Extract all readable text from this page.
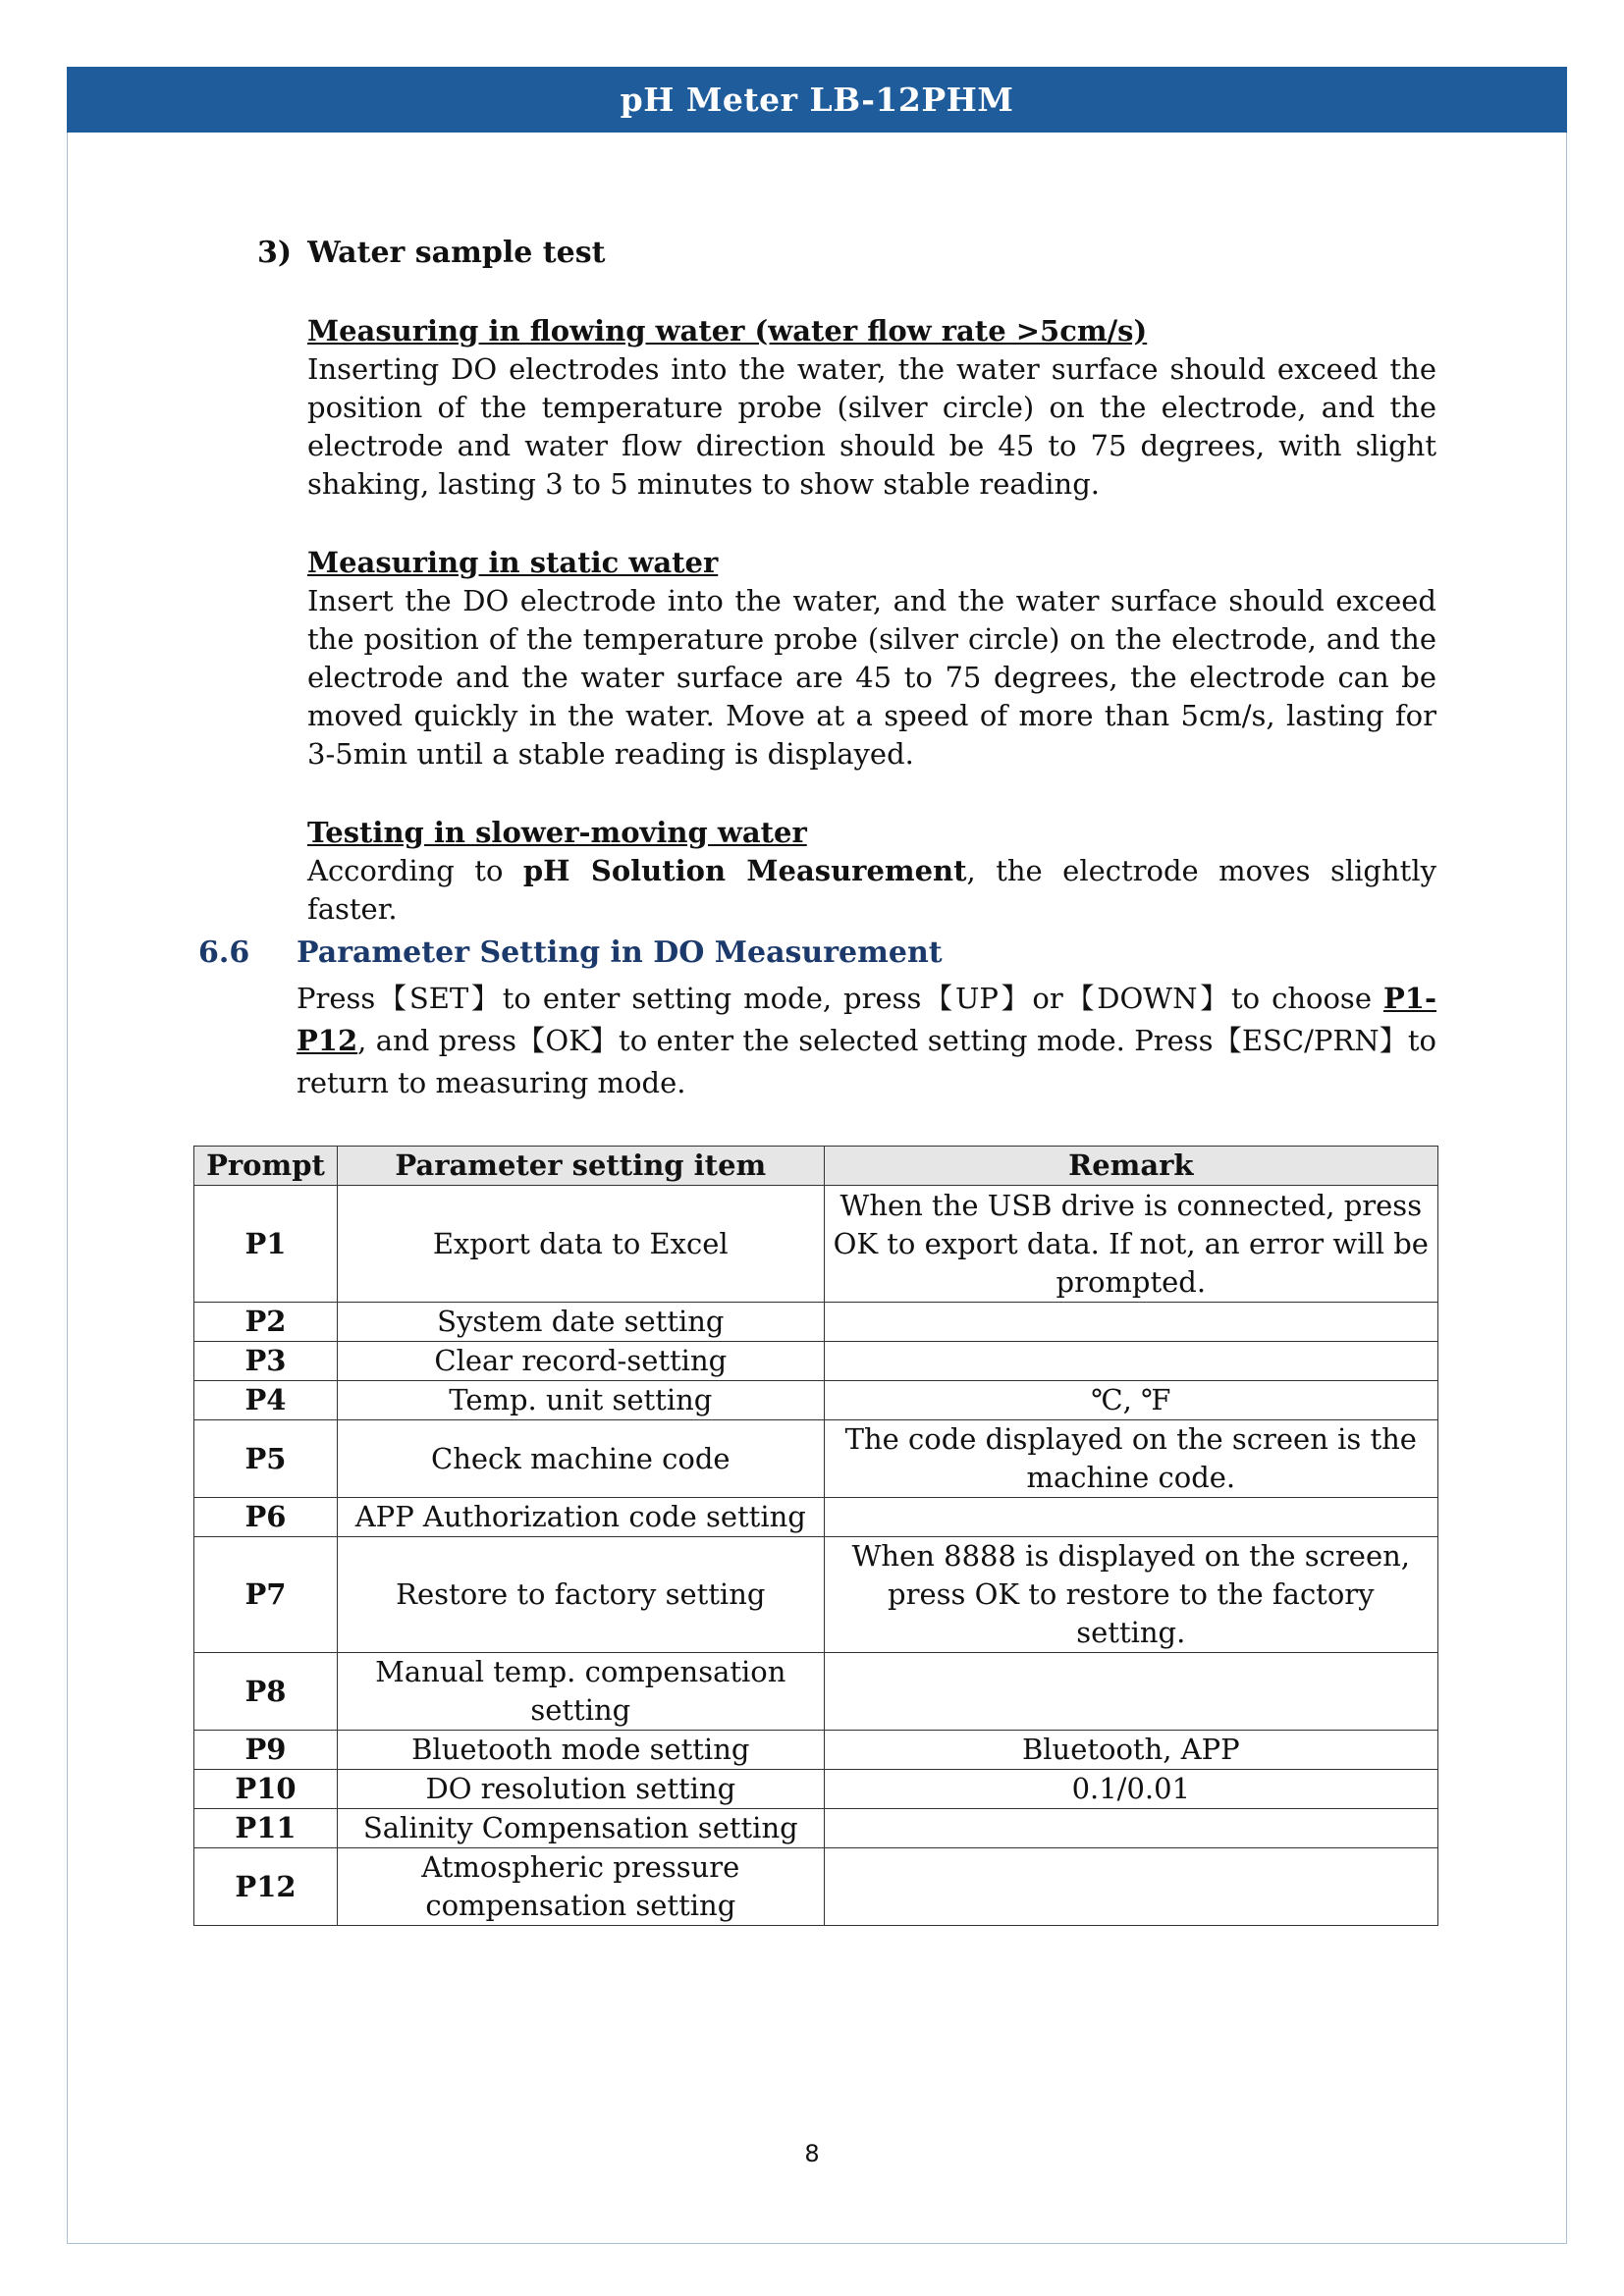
pH Meter LB-12PHM
3) Water sample test
Measuring in flowing water (water flow rate >5cm/s)

Inserting DO electrodes into the water, the water surface should exceed the position of the temperature probe (silver circle) on the electrode, and the electrode and water flow direction should be 45 to 75 degrees, with slight shaking, lasting 3 to 5 minutes to show stable reading.

Measuring in static water

Insert the DO electrode into the water, and the water surface should exceed the position of the temperature probe (silver circle) on the electrode, and the electrode and the water surface are 45 to 75 degrees, the electrode can be moved quickly in the water. Move at a speed of more than 5cm/s, lasting for 3-5min until a stable reading is displayed.

Testing in slower-moving water

According to pH Solution Measurement, the electrode moves slightly faster.

6.6 Parameter Setting in DO Measurement
Press【SET】to enter setting mode, press【UP】or【DOWN】to choose P1-P12, and press【OK】to enter the selected setting mode. Press【ESC/PRN】to return to measuring mode.
Prompt	Parameter setting item	Remark
P1	Export data to Excel	When the USB drive is connected, press OK to export data. If not, an error will be prompted.
P2	System date setting	
P3	Clear record-setting	
P4	Temp. unit setting	℃, ℉
P5	Check machine code	The code displayed on the screen is the machine code.
P6	APP Authorization code setting	
P7	Restore to factory setting	When 8888 is displayed on the screen, press OK to restore to the factory setting.
P8	Manual temp. compensation setting	
P9	Bluetooth mode setting	Bluetooth, APP
P10	DO resolution setting	0.1/0.01
P11	Salinity Compensation setting	
P12	Atmospheric pressure compensation setting	
8
